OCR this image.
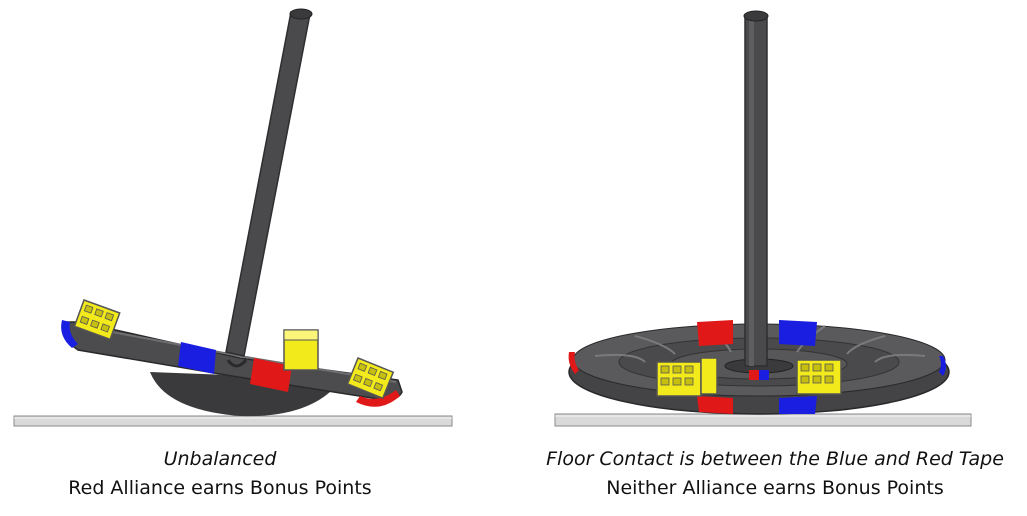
Unbalanced
Red Alliance earns Bonus Points
Floor Contact is between the Blue and Red Tape
Neither Alliance earns Bonus Points
